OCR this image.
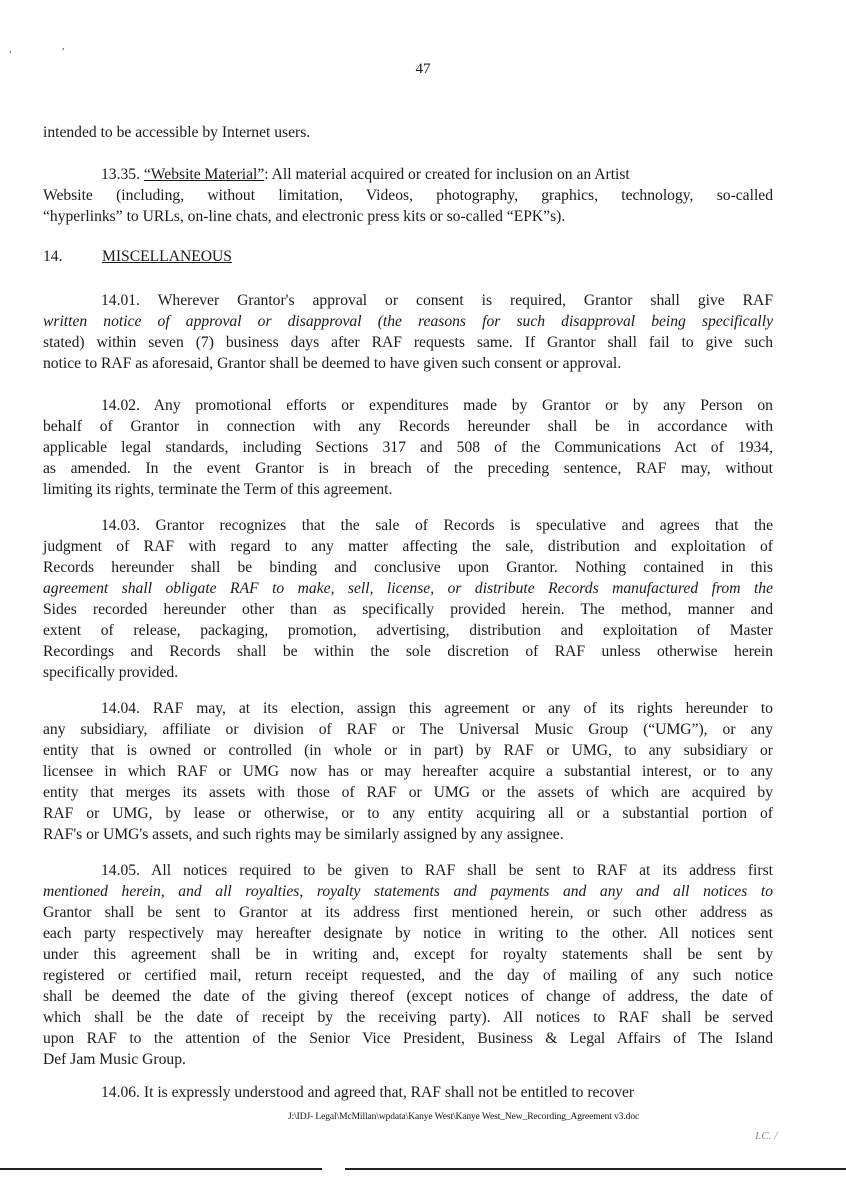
,	,
47
intended to be accessible by Internet users.
13.35. “Website Material”: All material acquired or created for inclusion on an Artist
Website (including, without limitation, Videos, photography, graphics, technology, so-called
“hyperlinks” to URLs, on-line chats, and electronic press kits or so-called “EPK”s).
14.	MISCELLANEOUS
14.01. Wherever Grantor's approval or consent is required, Grantor shall give RAF
written notice of approval or disapproval (the reasons for such disapproval being specifically
stated) within seven (7) business days after RAF requests same. If Grantor shall fail to give such
notice to RAF as aforesaid, Grantor shall be deemed to have given such consent or approval.
14.02. Any promotional efforts or expenditures made by Grantor or by any Person on
behalf of Grantor in connection with any Records hereunder shall be in accordance with
applicable legal standards, including Sections 317 and 508 of the Communications Act of 1934,
as amended. In the event Grantor is in breach of the preceding sentence, RAF may, without
limiting its rights, terminate the Term of this agreement.
14.03. Grantor recognizes that the sale of Records is speculative and agrees that the
judgment of RAF with regard to any matter affecting the sale, distribution and exploitation of
Records hereunder shall be binding and conclusive upon Grantor. Nothing contained in this
agreement shall obligate RAF to make, sell, license, or distribute Records manufactured from the
Sides recorded hereunder other than as specifically provided herein. The method, manner and
extent of release, packaging, promotion, advertising, distribution and exploitation of Master
Recordings and Records shall be within the sole discretion of RAF unless otherwise herein
specifically provided.
14.04. RAF may, at its election, assign this agreement or any of its rights hereunder to
any subsidiary, affiliate or division of RAF or The Universal Music Group (“UMG”), or any
entity that is owned or controlled (in whole or in part) by RAF or UMG, to any subsidiary or
licensee in which RAF or UMG now has or may hereafter acquire a substantial interest, or to any
entity that merges its assets with those of RAF or UMG or the assets of which are acquired by
RAF or UMG, by lease or otherwise, or to any entity acquiring all or a substantial portion of
RAF's or UMG's assets, and such rights may be similarly assigned by any assignee.
14.05. All notices required to be given to RAF shall be sent to RAF at its address first
mentioned herein, and all royalties, royalty statements and payments and any and all notices to
Grantor shall be sent to Grantor at its address first mentioned herein, or such other address as
each party respectively may hereafter designate by notice in writing to the other. All notices sent
under this agreement shall be in writing and, except for royalty statements shall be sent by
registered or certified mail, return receipt requested, and the day of mailing of any such notice
shall be deemed the date of the giving thereof (except notices of change of address, the date of
which shall be the date of receipt by the receiving party). All notices to RAF shall be served
upon RAF to the attention of the Senior Vice President, Business & Legal Affairs of The Island
Def Jam Music Group.
14.06. It is expressly understood and agreed that, RAF shall not be entitled to recover
J:\IDJ- Legal\McMillan\wpdata\Kanye West\Kanye West_New_Recording_Agreement v3.doc
I.C. /
